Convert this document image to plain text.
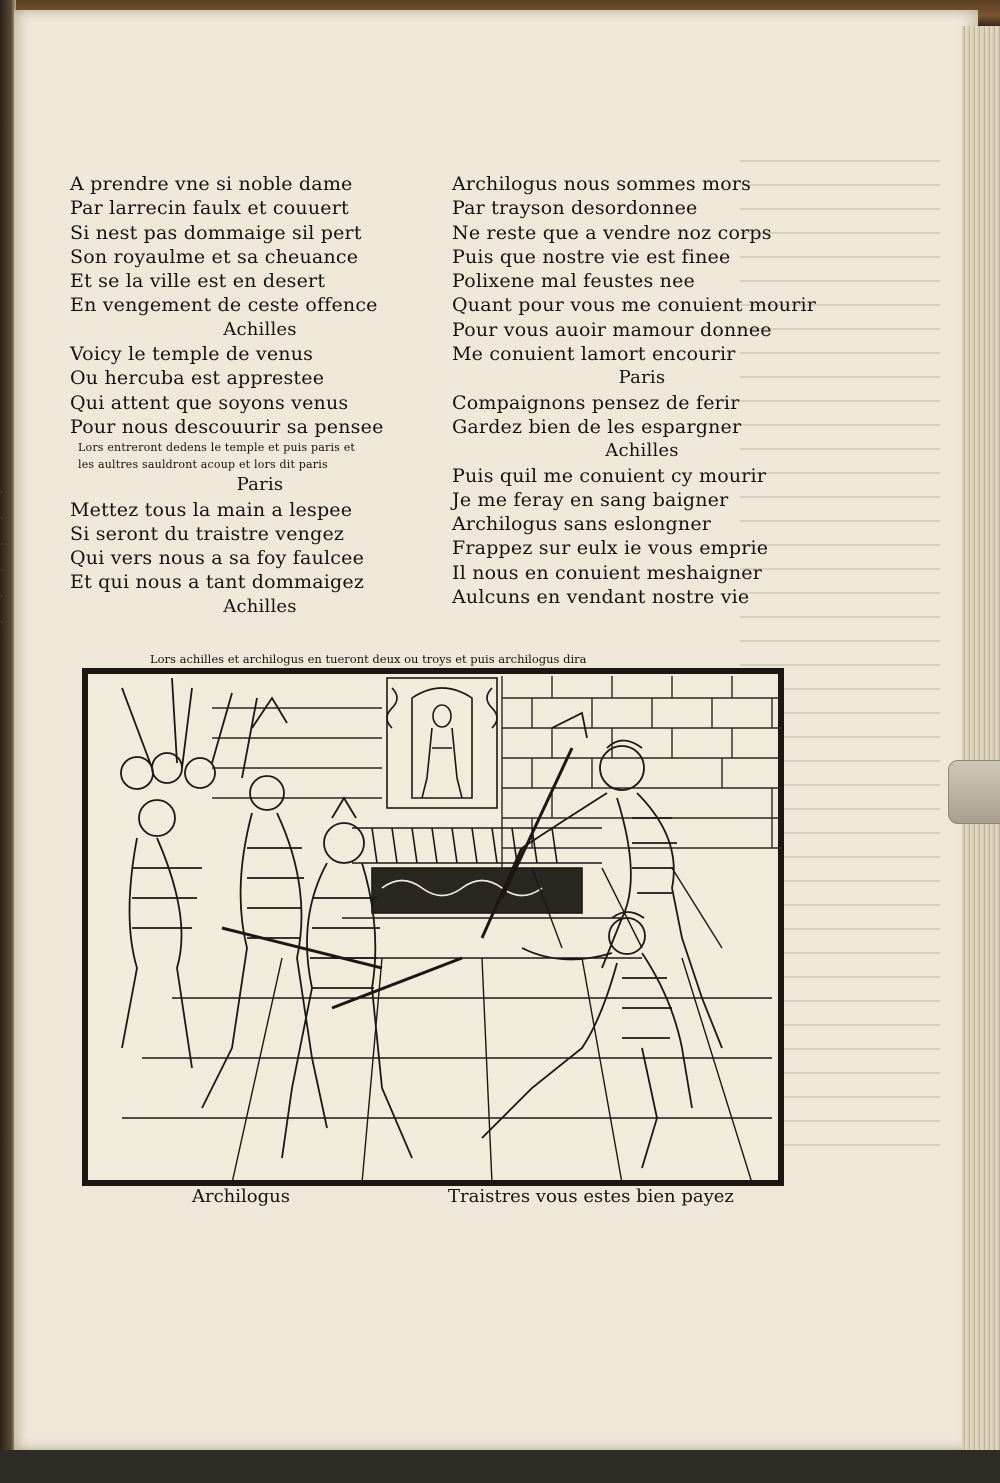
·
·
·
·
·
·
A prendre vne si noble dame
Par larrecin faulx et couuert
Si nest pas dommaige sil pert
Son royaulme et sa cheuance
Et se la ville est en desert
En vengement de ceste offence
Achilles
Voicy le temple de venus
Ou hercuba est apprestee
Qui attent que soyons venus
Pour nous descouurir sa pensee
Lors entreront dedens le temple et puis paris et
les aultres sauldront acoup et lors dit paris
Paris
Mettez tous la main a lespee
Si seront du traistre vengez
Qui vers nous a sa foy faulcee
Et qui nous a tant dommaigez
Achilles
Archilogus nous sommes mors
Par trayson desordonnee
Ne reste que a vendre noz corps
Puis que nostre vie est finee
Polixene mal feustes nee
Quant pour vous me conuient mourir
Pour vous auoir mamour donnee
Me conuient lamort encourir
Paris
Compaignons pensez de ferir
Gardez bien de les espargner
Achilles
Puis quil me conuient cy mourir
Je me feray en sang baigner
Archilogus sans eslongner
Frappez sur eulx ie vous emprie
Il nous en conuient meshaigner
Aulcuns en vendant nostre vie
Lors achilles et archilogus en tueront deux ou troys et puis archilogus dira
Archilogus	Traistres vous estes bien payez
